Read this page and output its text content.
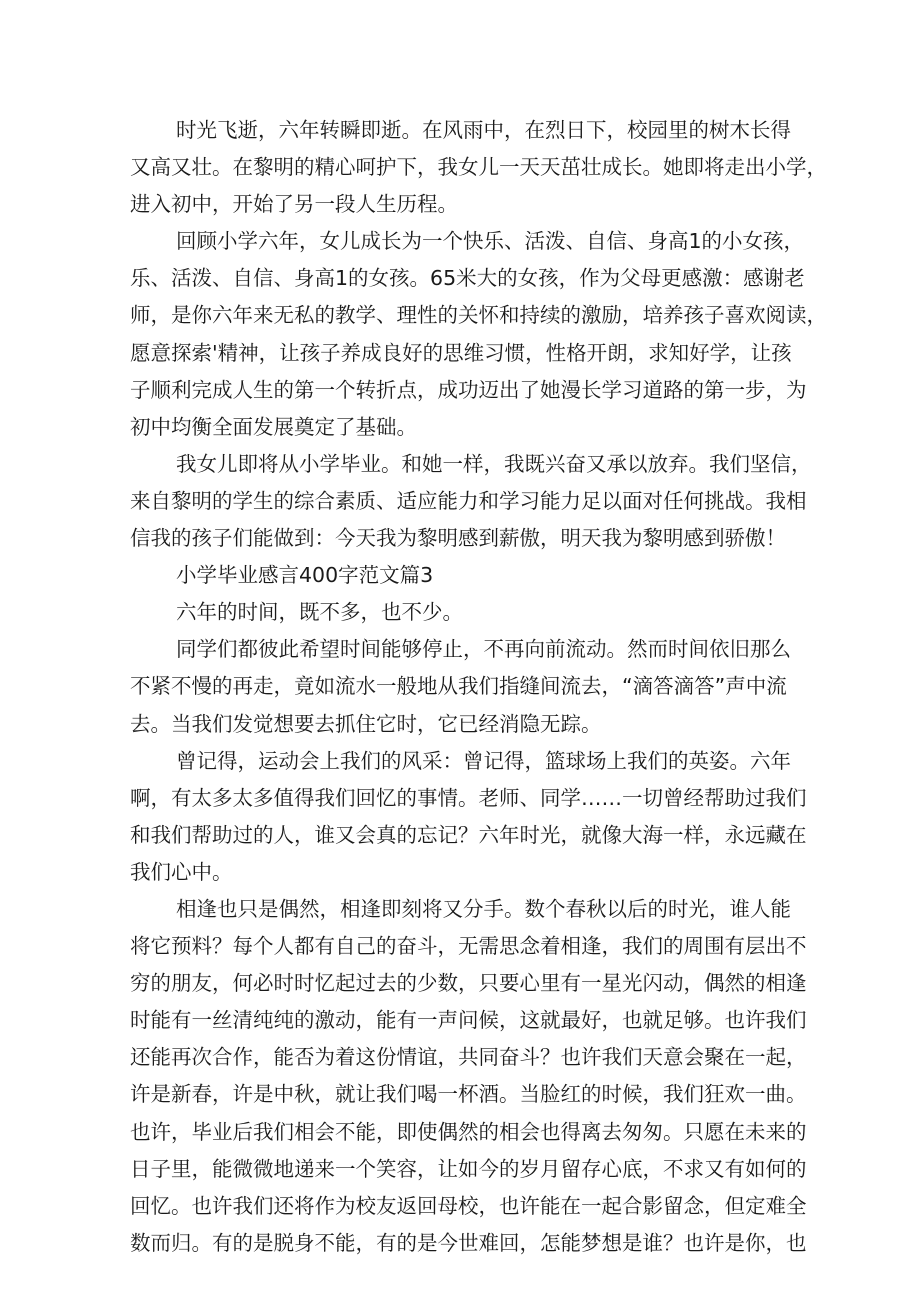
时光飞逝，六年转瞬即逝。在风雨中，在烈日下，校园里的树木长得
又高又壮。在黎明的精心呵护下，我女儿一天天茁壮成长。她即将走出小学，
进入初中，开始了另一段人生历程。

回顾小学六年，女儿成长为一个快乐、活泼、自信、身高1的小女孩，
乐、活泼、自信、身高1的女孩。65米大的女孩，作为父母更感激：感谢老
师，是你六年来无私的教学、理性的关怀和持续的激励，培养孩子喜欢阅读，
愿意探索'精神，让孩子养成良好的思维习惯，性格开朗，求知好学，让孩
子顺利完成人生的第一个转折点，成功迈出了她漫长学习道路的第一步，为
初中均衡全面发展奠定了基础。

我女儿即将从小学毕业。和她一样，我既兴奋又承以放弃。我们坚信，
来自黎明的学生的综合素质、适应能力和学习能力足以面对任何挑战。我相
信我的孩子们能做到：今天我为黎明感到薪傲，明天我为黎明感到骄傲！

小学毕业感言400字范文篇3

六年的时间，既不多，也不少。

同学们都彼此希望时间能够停止，不再向前流动。然而时间依旧那么
不紧不慢的再走，竟如流水一般地从我们指缝间流去，“滴答滴答”声中流
去。当我们发觉想要去抓住它时，它已经消隐无踪。

曾记得，运动会上我们的风采：曾记得，篮球场上我们的英姿。六年
啊，有太多太多值得我们回忆的事情。老师、同学……一切曾经帮助过我们
和我们帮助过的人，谁又会真的忘记？六年时光，就像大海一样，永远藏在
我们心中。

相逢也只是偶然，相逢即刻将又分手。数个春秋以后的时光，谁人能
将它预料？每个人都有自己的奋斗，无需思念着相逢，我们的周围有层出不
穷的朋友，何必时时忆起过去的少数，只要心里有一星光闪动，偶然的相逢
时能有一丝清纯纯的激动，能有一声问候，这就最好，也就足够。也许我们
还能再次合作，能否为着这份情谊，共同奋斗？也许我们天意会聚在一起，
许是新春，许是中秋，就让我们喝一杯酒。当脸红的时候，我们狂欢一曲。
也许，毕业后我们相会不能，即使偶然的相会也得离去匆匆。只愿在未来的
日子里，能微微地递来一个笑容，让如今的岁月留存心底，不求又有如何的
回忆。也许我们还将作为校友返回母校，也许能在一起合影留念，但定难全
数而归。有的是脱身不能，有的是今世难回，怎能梦想是谁？也许是你，也
